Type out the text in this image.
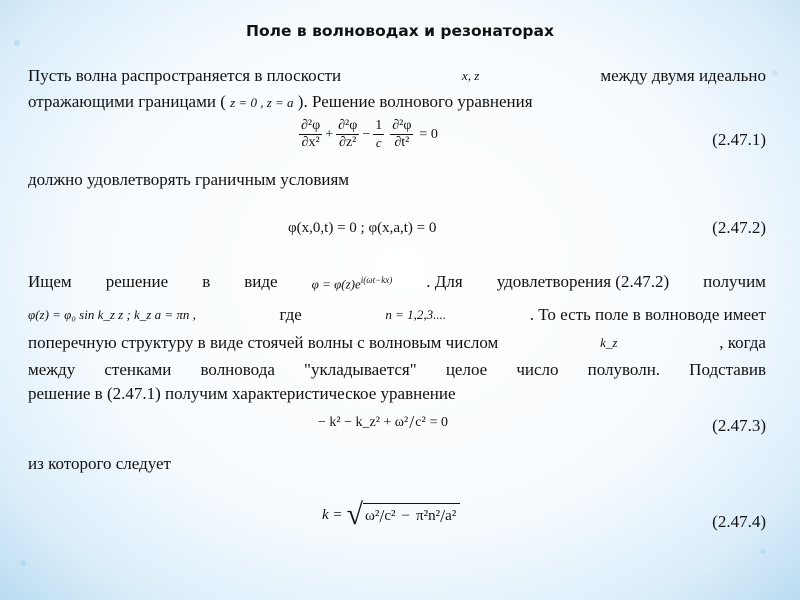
Поле в волноводах и резонаторах
Пусть волна распространяется в плоскости	x, z	между двумя идеально
отражающими границами ( z = 0 , z = a ). Решение волнового уравнения
$\frac{\text{∂²φ}}{\text{∂x²}} + \frac{\text{∂²φ}}{\text{∂z²}} - \frac{1}{c} \frac{\text{∂²φ}}{\text{∂t²}} = 0$	(2.47.1)
должно удовлетворять граничным условиям
φ(x,0,t) = 0 ; φ(x,a,t) = 0	(2.47.2)
Ищем решение в виде	$\varphi = \varphi(z)e^{i(\omega t-kx)}$ . Для удовлетворения (2.47.2) получим
φ(z) = φ₀ sin k_z z ; k_z a = πn ,	где	n = 1,2,3....	. То есть поле в волноводе имеет
поперечную структуру в виде стоячей волны с волновым числом	k_z	, когда
между стенками волновода "укладывается" целое число полуволн. Подставив
решение в (2.47.1) получим характеристическое уравнение
− k² − k_z² + ω² / c² = 0	(2.47.3)
из которого следует
k = √ ω² / c² − π²n² / a²	(2.47.4)
